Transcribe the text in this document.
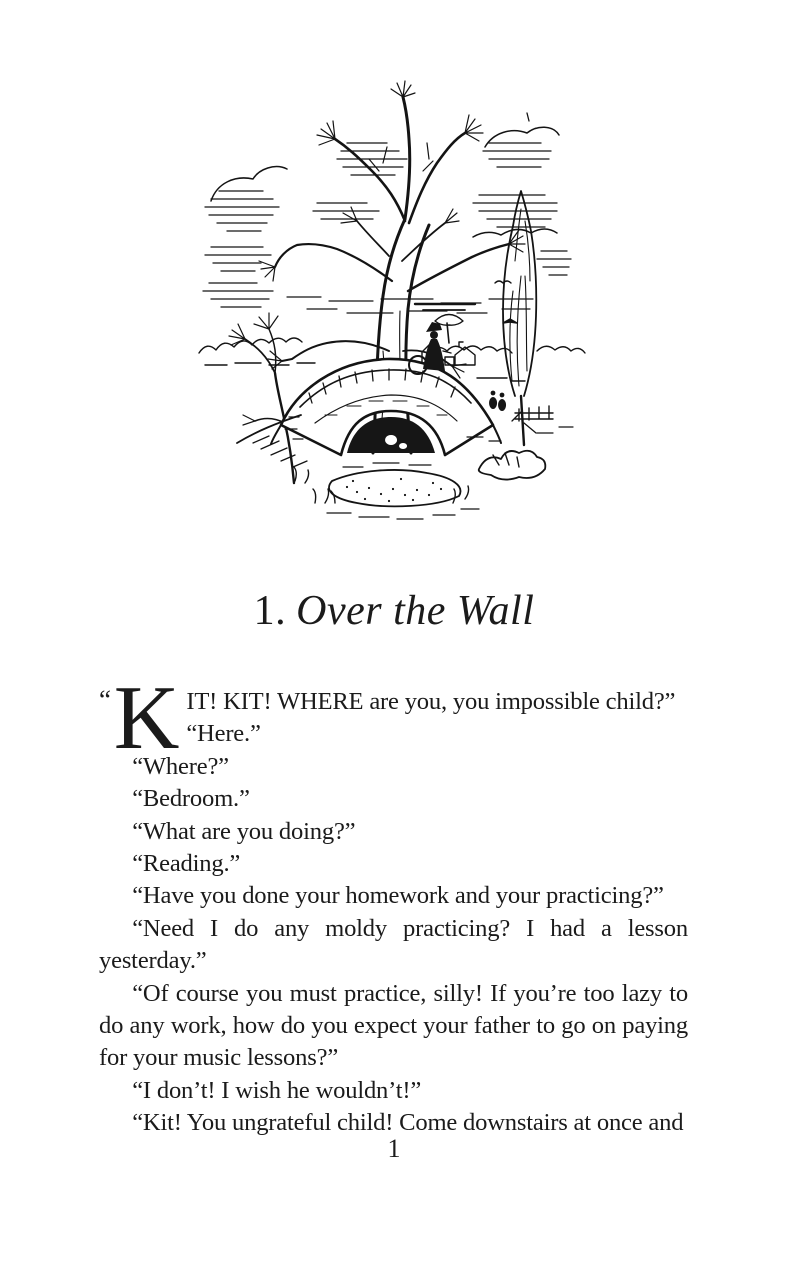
1. Over the Wall

“ K IT! KIT! WHERE are you, you impossible child?”

“Here.”

“Where?”

“Bedroom.”

“What are you doing?”

“Reading.”

“Have you done your homework and your practicing?”

“Need I do any moldy practicing? I had a lesson yesterday.”

“Of course you must practice, silly! If you’re too lazy to do any work, how do you expect your father to go on paying for your music lessons?”

“I don’t! I wish he wouldn’t!”

“Kit! You ungrateful child! Come downstairs at once and

1
